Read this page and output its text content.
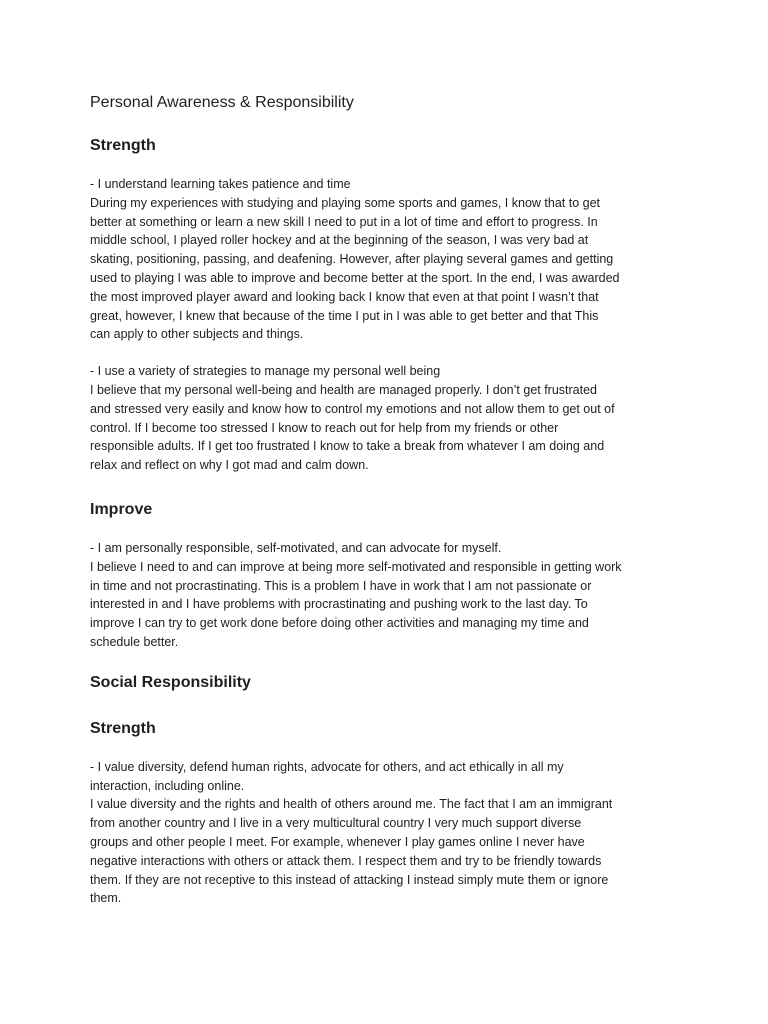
Personal Awareness & Responsibility
Strength
- I understand learning takes patience and time
During my experiences with studying and playing some sports and games, I know that to get
better at something or learn a new skill I need to put in a lot of time and effort to progress. In
middle school, I played roller hockey and at the beginning of the season, I was very bad at
skating, positioning, passing, and deafening. However, after playing several games and getting
used to playing I was able to improve and become better at the sport. In the end, I was awarded
the most improved player award and looking back I know that even at that point I wasn’t that
great, however, I knew that because of the time I put in I was able to get better and that This
can apply to other subjects and things.
- I use a variety of strategies to manage my personal well being
I believe that my personal well-being and health are managed properly. I don’t get frustrated
and stressed very easily and know how to control my emotions and not allow them to get out of
control. If I become too stressed I know to reach out for help from my friends or other
responsible adults. If I get too frustrated I know to take a break from whatever I am doing and
relax and reflect on why I got mad and calm down.
Improve
- I am personally responsible, self-motivated, and can advocate for myself.
I believe I need to and can improve at being more self-motivated and responsible in getting work
in time and not procrastinating. This is a problem I have in work that I am not passionate or
interested in and I have problems with procrastinating and pushing work to the last day. To
improve I can try to get work done before doing other activities and managing my time and
schedule better.
Social Responsibility
Strength
- I value diversity, defend human rights, advocate for others, and act ethically in all my
interaction, including online.
I value diversity and the rights and health of others around me. The fact that I am an immigrant
from another country and I live in a very multicultural country I very much support diverse
groups and other people I meet. For example, whenever I play games online I never have
negative interactions with others or attack them. I respect them and try to be friendly towards
them. If they are not receptive to this instead of attacking I instead simply mute them or ignore
them.
